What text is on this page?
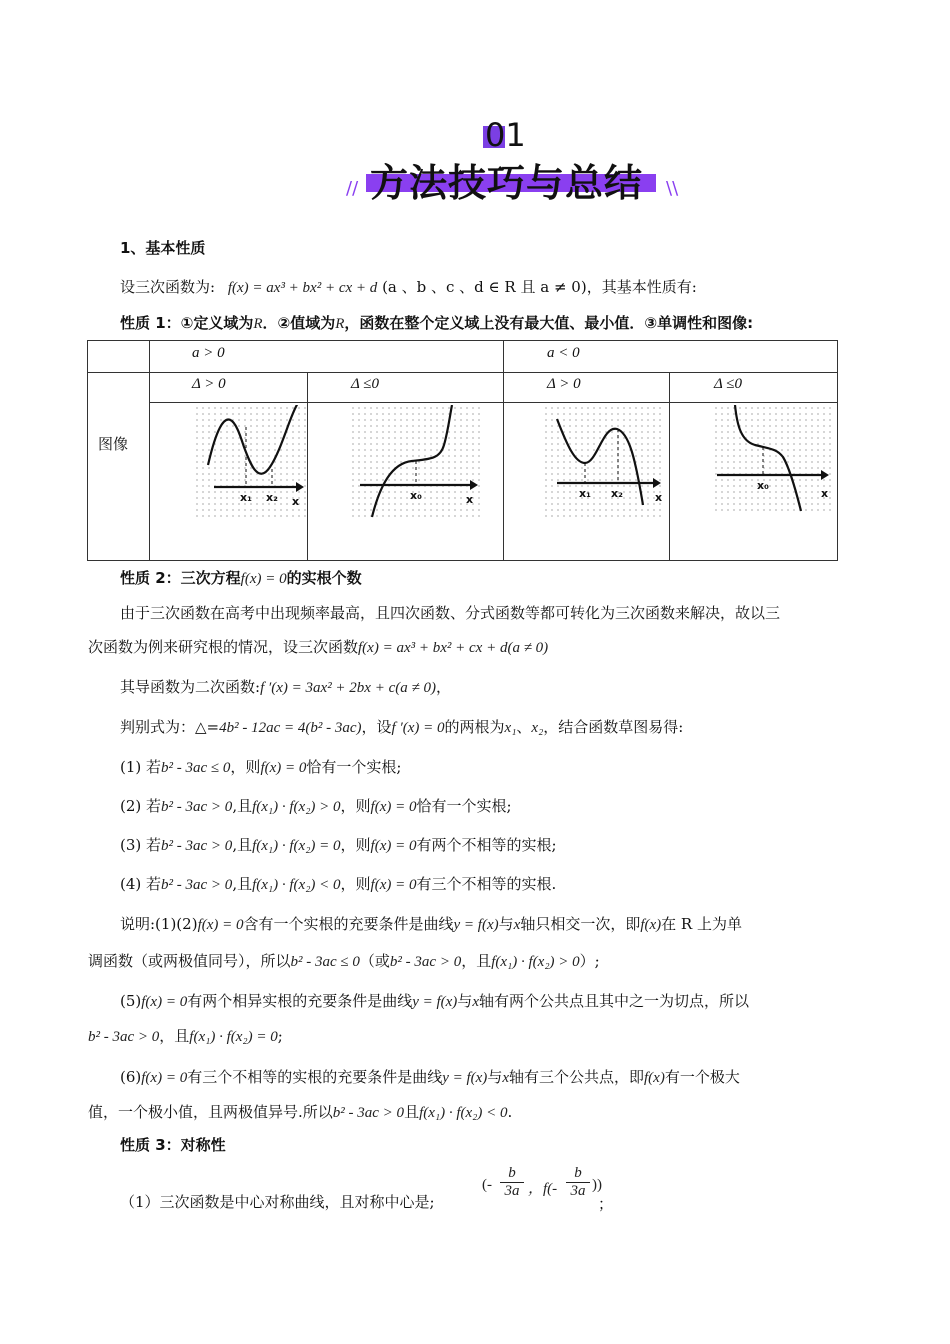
01
方法技巧与总结
//	\\
1、基本性质
设三次函数为: f(x) = ax³ + bx² + cx + d (a 、b 、c 、d ∈ R 且 a ≠ 0)，其基本性质有:
性质 1：①定义域为R．②值域为R，函数在整个定义域上没有最大值、最小值．③单调性和图像:
a > 0	a < 0
Δ > 0	Δ ≤0	Δ > 0	Δ ≤0
图像
x₁ x₂ x	x₀	x	x₁ x₂	x
x₀
x
性质 2：三次方程f(x) = 0的实根个数
由于三次函数在高考中出现频率最高，且四次函数、分式函数等都可转化为三次函数来解决，故以三
次函数为例来研究根的情况，设三次函数f(x) = ax³ + bx² + cx + d(a ≠ 0)
其导函数为二次函数:f ′(x) = 3ax² + 2bx + c(a ≠ 0)，
判别式为：△=4b² - 12ac = 4(b² - 3ac)，设f ′(x) = 0的两根为x₁、x₂，结合函数草图易得:
(1) 若b² - 3ac ≤ 0，则f(x) = 0恰有一个实根;
(2) 若b² - 3ac > 0,且f(x₁) · f(x₂) > 0，则f(x) = 0恰有一个实根;
(3) 若b² - 3ac > 0,且f(x₁) · f(x₂) = 0，则f(x) = 0有两个不相等的实根;
(4) 若b² - 3ac > 0,且f(x₁) · f(x₂) < 0，则f(x) = 0有三个不相等的实根.
说明:(1)(2)f(x) = 0含有一个实根的充要条件是曲线y = f(x)与x轴只相交一次，即f(x)在 R 上为单
调函数（或两极值同号），所以b² - 3ac ≤ 0（或b² - 3ac > 0，且f(x₁) · f(x₂) > 0）;
(5)f(x) = 0有两个相异实根的充要条件是曲线y = f(x)与x轴有两个公共点且其中之一为切点，所以
b² - 3ac > 0，且f(x₁) · f(x₂) = 0;
(6)f(x) = 0有三个不相等的实根的充要条件是曲线y = f(x)与x轴有三个公共点，即f(x)有一个极大
值，一个极小值，且两极值异号.所以b² - 3ac > 0且f(x₁) · f(x₂) < 0.
性质 3：对称性
（1）三次函数是中心对称曲线，且对称中心是;
(-
b
3a ，f(-
b
3a ))
；
